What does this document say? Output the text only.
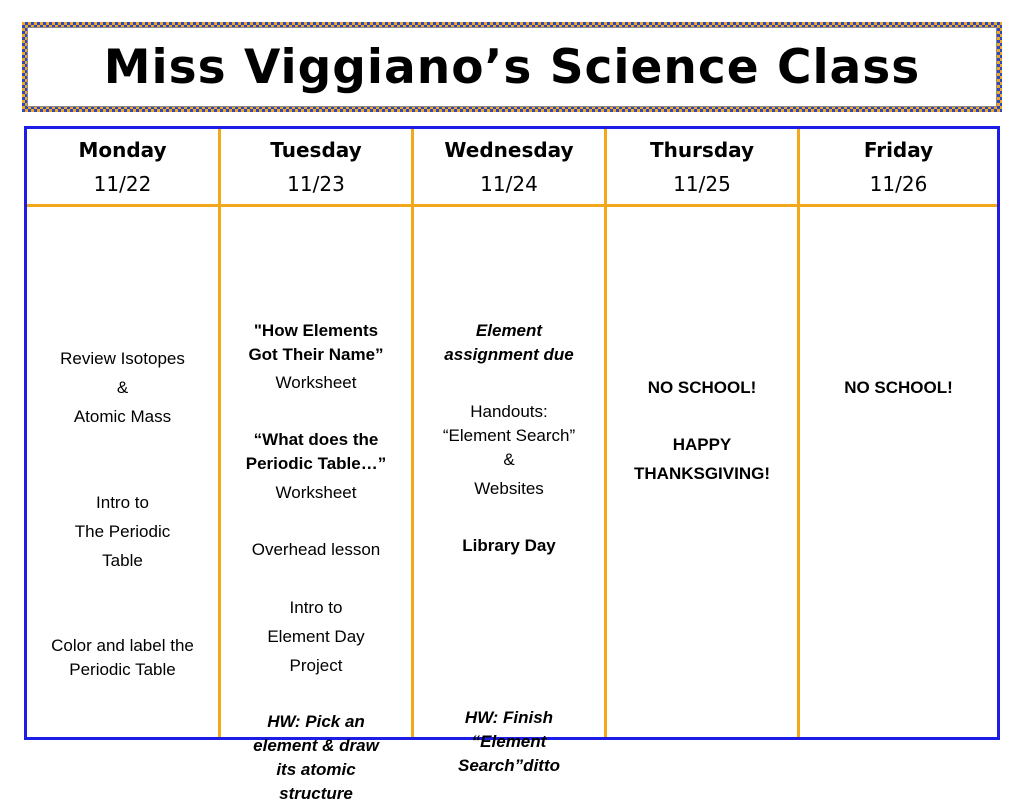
Miss Viggiano’s Science Class
Monday
11/22
Tuesday
11/23
Wednesday
11/24
Thursday
11/25
Friday
11/26
Review Isotopes
&
Atomic Mass
Intro to
The Periodic
Table
Color and label the
Periodic Table
"How Elements
Got Their Name”
Worksheet
“What does the
Periodic Table…”
Worksheet
Overhead lesson
Intro to
Element Day
Project
HW: Pick an
element & draw
its atomic
structure
Element
assignment due
Handouts:
“Element Search”
&
Websites
Library Day
HW: Finish
“Element
Search”ditto
NO SCHOOL!
HAPPY
THANKSGIVING!
NO SCHOOL!
